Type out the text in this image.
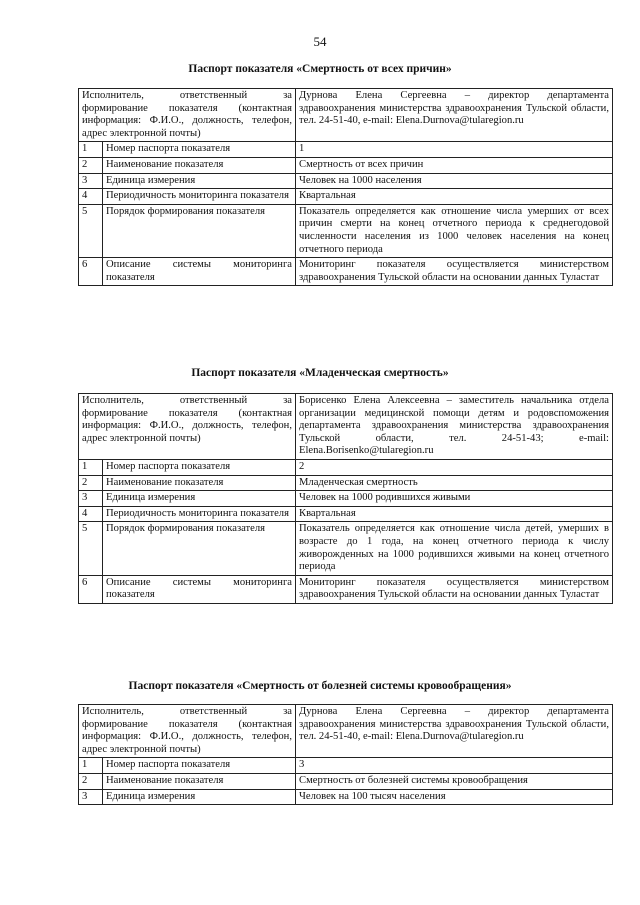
54
Паспорт показателя «Смертность от всех причин»
Исполнитель, ответственный за формирование показателя (контактная информация: Ф.И.О., должность, телефон, адрес электронной почты)		Дурнова Елена Сергеевна – директор департамента здравоохранения министерства здравоохранения Тульской области, тел. 24-51-40, e-mail: Elena.Durnova@tularegion.ru
1	Номер паспорта показателя	1
2	Наименование показателя	Смертность от всех причин
3	Единица измерения	Человек на 1000 населения
4	Периодичность мониторинга показателя	Квартальная
5	Порядок формирования показателя	Показатель определяется как отношение числа умерших от всех причин смерти на конец отчетного периода к среднегодовой численности населения из 1000 человек населения на конец отчетного периода
6	Описание системы мониторинга показателя	Мониторинг показателя осуществляется министерством здравоохранения Тульской области на основании данных Туластат
Паспорт показателя «Младенческая смертность»
Исполнитель, ответственный за формирование показателя (контактная информация: Ф.И.О., должность, телефон, адрес электронной почты)		Борисенко Елена Алексеевна – заместитель начальника отдела организации медицинской помощи детям и родовспоможения департамента здравоохранения министерства здравоохранения Тульской области, тел. 24-51-43; e-mail: Elena.Borisenko@tularegion.ru
1	Номер паспорта показателя	2
2	Наименование показателя	Младенческая смертность
3	Единица измерения	Человек на 1000 родившихся живыми
4	Периодичность мониторинга показателя	Квартальная
5	Порядок формирования показателя	Показатель определяется как отношение числа детей, умерших в возрасте до 1 года, на конец отчетного периода к числу живорожденных на 1000 родившихся живыми на конец отчетного периода
6	Описание системы мониторинга показателя	Мониторинг показателя осуществляется министерством здравоохранения Тульской области на основании данных Туластат
Паспорт показателя «Смертность от болезней системы кровообращения»
Исполнитель, ответственный за формирование показателя (контактная информация: Ф.И.О., должность, телефон, адрес электронной почты)		Дурнова Елена Сергеевна – директор департамента здравоохранения министерства здравоохранения Тульской области, тел. 24-51-40, e-mail: Elena.Durnova@tularegion.ru
1	Номер паспорта показателя	3
2	Наименование показателя	Смертность от болезней системы кровообращения
3	Единица измерения	Человек на 100 тысяч населения
